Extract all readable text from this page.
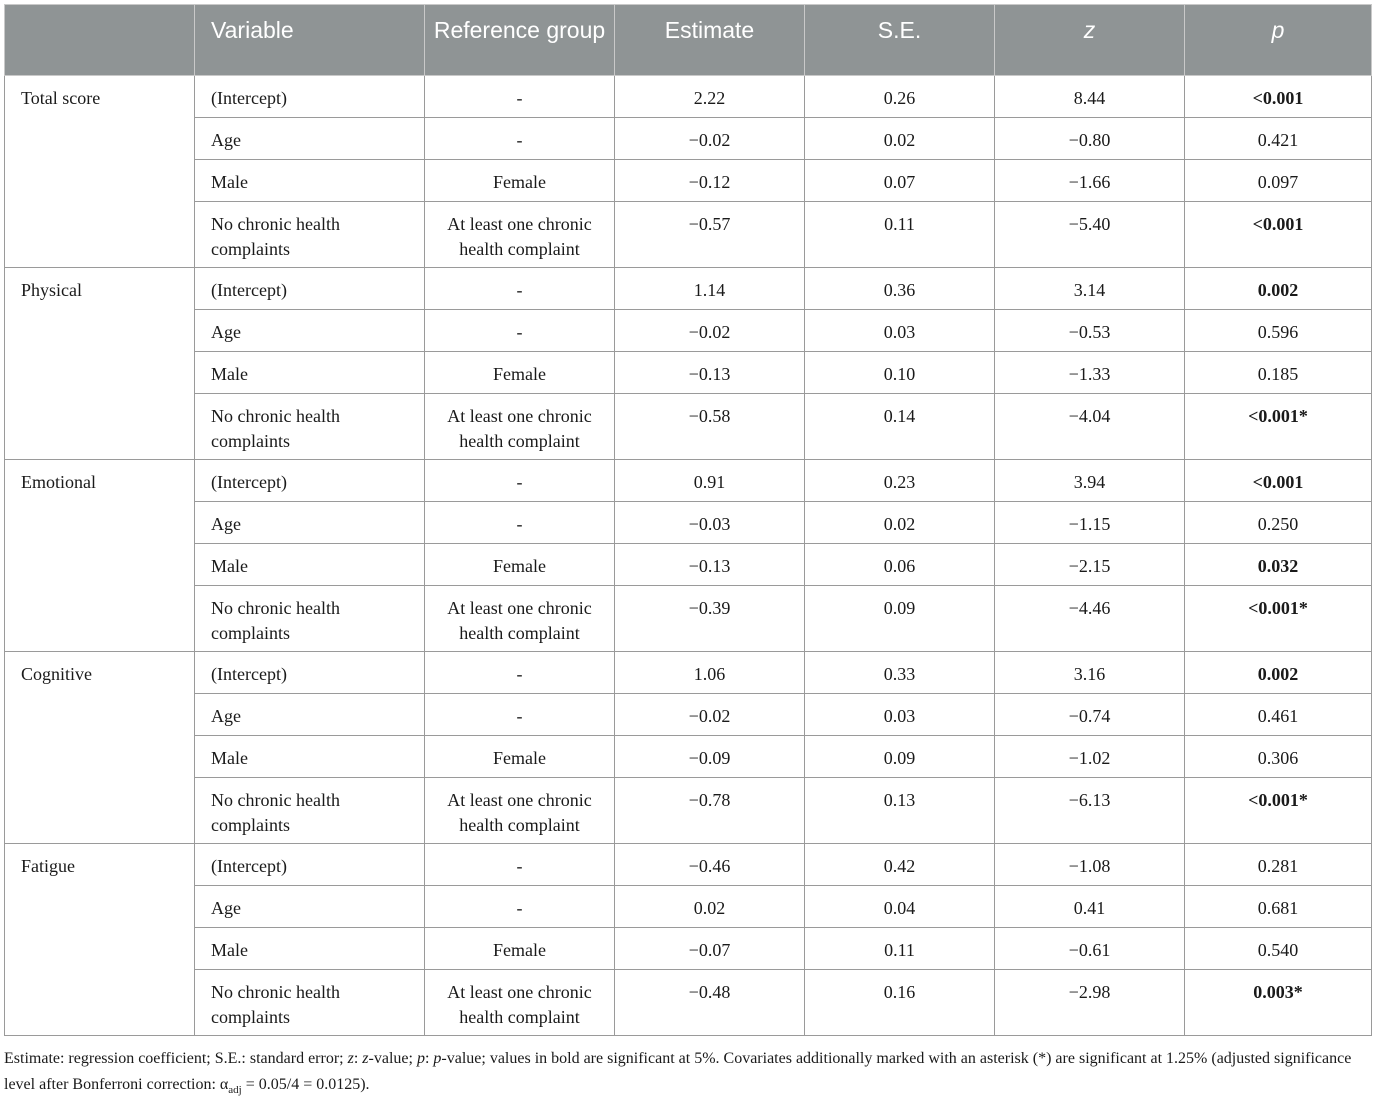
	Variable	Reference group	Estimate	S.E.	z	p

Total score	(Intercept)	-	2.22	0.26	8.44	<0.001
	Age	-	−0.02	0.02	−0.80	0.421
	Male	Female	−0.12	0.07	−1.66	0.097
	No chronic health complaints	At least one chronic health complaint	−0.57	0.11	−5.40	<0.001
Physical	(Intercept)	-	1.14	0.36	3.14	0.002
	Age	-	−0.02	0.03	−0.53	0.596
	Male	Female	−0.13	0.10	−1.33	0.185
	No chronic health complaints	At least one chronic health complaint	−0.58	0.14	−4.04	<0.001*
Emotional	(Intercept)	-	0.91	0.23	3.94	<0.001
	Age	-	−0.03	0.02	−1.15	0.250
	Male	Female	−0.13	0.06	−2.15	0.032
	No chronic health complaints	At least one chronic health complaint	−0.39	0.09	−4.46	<0.001*
Cognitive	(Intercept)	-	1.06	0.33	3.16	0.002
	Age	-	−0.02	0.03	−0.74	0.461
	Male	Female	−0.09	0.09	−1.02	0.306
	No chronic health complaints	At least one chronic health complaint	−0.78	0.13	−6.13	<0.001*
Fatigue	(Intercept)	-	−0.46	0.42	−1.08	0.281
	Age	-	0.02	0.04	0.41	0.681
	Male	Female	−0.07	0.11	−0.61	0.540
	No chronic health complaints	At least one chronic health complaint	−0.48	0.16	−2.98	0.003*
Estimate: regression coefficient; S.E.: standard error; z: z-value; p: p-value; values in bold are significant at 5%. Covariates additionally marked with an asterisk (*) are significant at 1.25% (adjusted significance level after Bonferroni correction: $\alpha_{adj} = 0.05/4 = 0.0125$).
